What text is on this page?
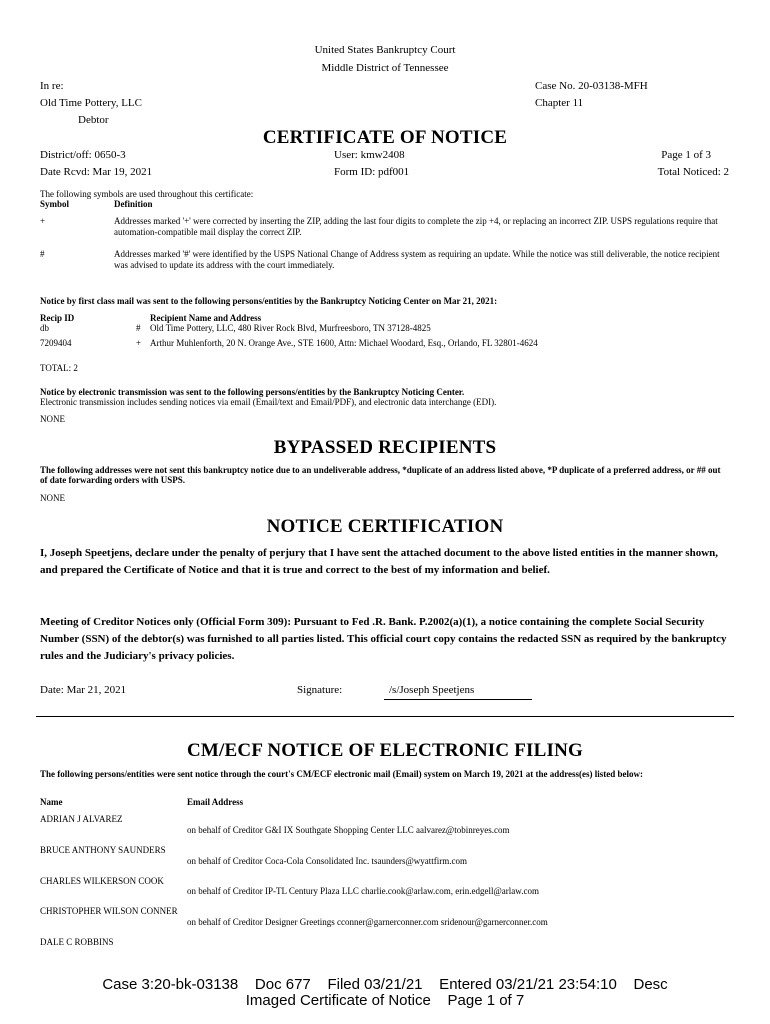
United States Bankruptcy Court
Middle District of Tennessee
In re:
Old Time Pottery, LLC
Debtor
Case No. 20-03138-MFH
Chapter 11
CERTIFICATE OF NOTICE
District/off: 0650-3
Date Rcvd: Mar 19, 2021
User: kmw2408
Form ID: pdf001
Page 1 of 3
Total Noticed: 2
The following symbols are used throughout this certificate:
Symbol	Definition
+	Addresses marked '+' were corrected by inserting the ZIP, adding the last four digits to complete the zip +4, or replacing an incorrect ZIP. USPS regulations require that automation-compatible mail display the correct ZIP.
#	Addresses marked '#' were identified by the USPS National Change of Address system as requiring an update. While the notice was still deliverable, the notice recipient was advised to update its address with the court immediately.
Notice by first class mail was sent to the following persons/entities by the Bankruptcy Noticing Center on Mar 21, 2021:
Recip ID	Recipient Name and Address
db	# Old Time Pottery, LLC, 480 River Rock Blvd, Murfreesboro, TN 37128-4825
7209404	+ Arthur Muhlenforth, 20 N. Orange Ave., STE 1600, Attn: Michael Woodard, Esq., Orlando, FL 32801-4624
TOTAL: 2
Notice by electronic transmission was sent to the following persons/entities by the Bankruptcy Noticing Center.
Electronic transmission includes sending notices via email (Email/text and Email/PDF), and electronic data interchange (EDI).
NONE
BYPASSED RECIPIENTS
The following addresses were not sent this bankruptcy notice due to an undeliverable address, *duplicate of an address listed above, *P duplicate of a preferred address, or ## out of date forwarding orders with USPS.
NONE
NOTICE CERTIFICATION
I, Joseph Speetjens, declare under the penalty of perjury that I have sent the attached document to the above listed entities in the manner shown, and prepared the Certificate of Notice and that it is true and correct to the best of my information and belief.
Meeting of Creditor Notices only (Official Form 309): Pursuant to Fed .R. Bank. P.2002(a)(1), a notice containing the complete Social Security Number (SSN) of the debtor(s) was furnished to all parties listed. This official court copy contains the redacted SSN as required by the bankruptcy rules and the Judiciary's privacy policies.
Date: Mar 21, 2021	Signature:	/s/Joseph Speetjens
CM/ECF NOTICE OF ELECTRONIC FILING
The following persons/entities were sent notice through the court's CM/ECF electronic mail (Email) system on March 19, 2021 at the address(es) listed below:
Name	Email Address
ADRIAN J ALVAREZ
on behalf of Creditor G&I IX Southgate Shopping Center LLC aalvarez@tobinreyes.com
BRUCE ANTHONY SAUNDERS
on behalf of Creditor Coca-Cola Consolidated Inc. tsaunders@wyattfirm.com
CHARLES WILKERSON COOK
on behalf of Creditor IP-TL Century Plaza LLC charlie.cook@arlaw.com, erin.edgell@arlaw.com
CHRISTOPHER WILSON CONNER
on behalf of Creditor Designer Greetings cconner@garnerconner.com sridenour@garnerconner.com
DALE C ROBBINS
Case 3:20-bk-03138    Doc 677    Filed 03/21/21    Entered 03/21/21 23:54:10    Desc
Imaged Certificate of Notice    Page 1 of 7
